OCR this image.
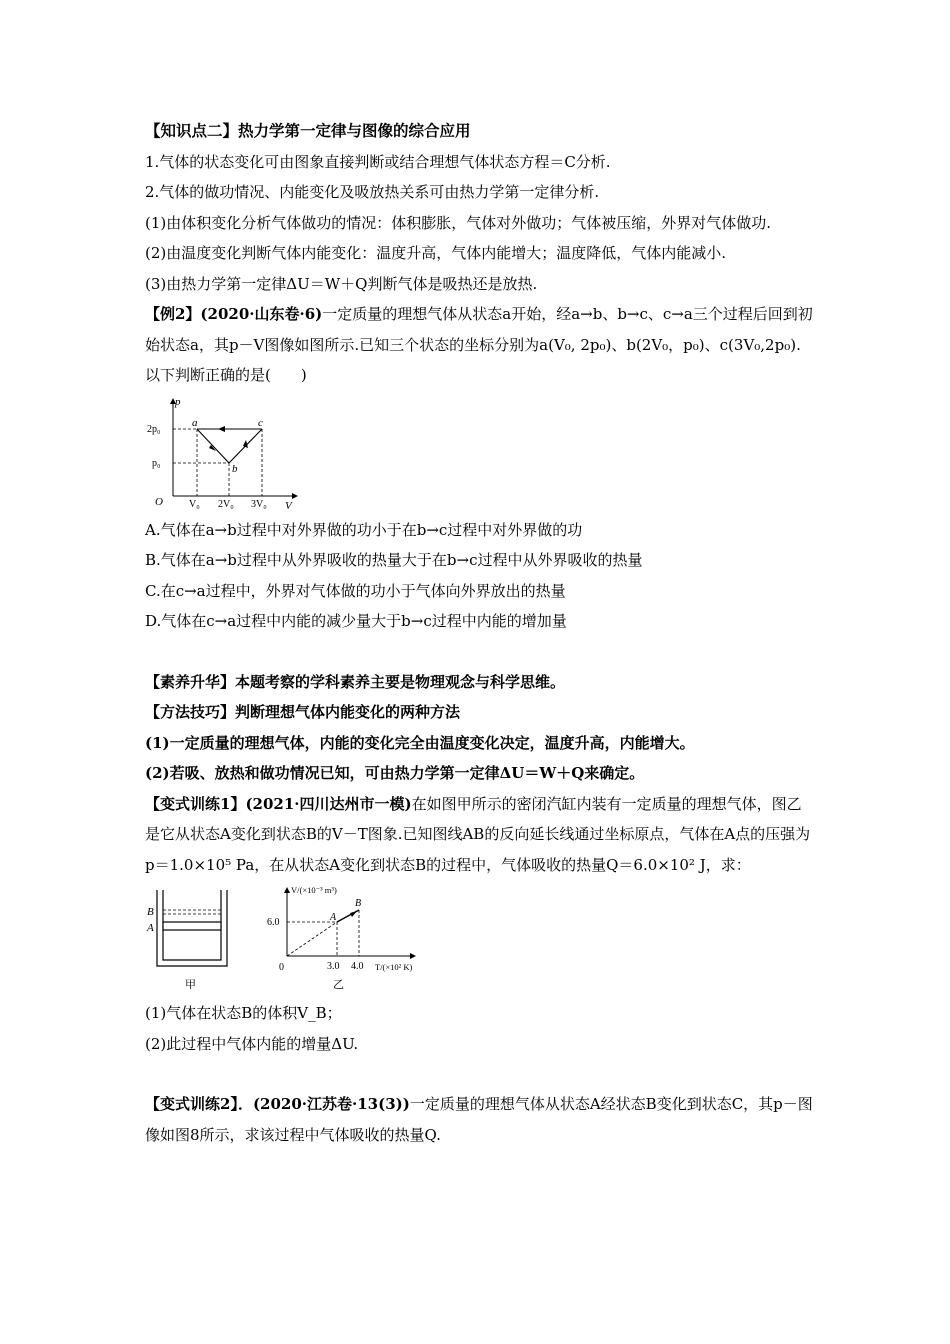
【知识点二】热力学第一定律与图像的综合应用
1.气体的状态变化可由图象直接判断或结合理想气体状态方程＝C分析.
2.气体的做功情况、内能变化及吸放热关系可由热力学第一定律分析.
(1)由体积变化分析气体做功的情况：体积膨胀，气体对外做功；气体被压缩，外界对气体做功.
(2)由温度变化判断气体内能变化：温度升高，气体内能增大；温度降低，气体内能减小.
(3)由热力学第一定律ΔU＝W＋Q判断气体是吸热还是放热.
【例2】(2020·山东卷·6)一定质量的理想气体从状态a开始，经a→b、b→c、c→a三个过程后回到初始状态a，其p－V图像如图所示.已知三个状态的坐标分别为a(V₀, 2p₀)、b(2V₀，p₀)、c(3V₀,2p₀).以下判断正确的是(　　)
p
V
O
2p₀
p₀
V₀ 2V₀ 3V₀
a
b
c
A.气体在a→b过程中对外界做的功小于在b→c过程中对外界做的功
B.气体在a→b过程中从外界吸收的热量大于在b→c过程中从外界吸收的热量
C.在c→a过程中，外界对气体做的功小于气体向外界放出的热量
D.气体在c→a过程中内能的减少量大于b→c过程中内能的增加量
【素养升华】本题考察的学科素养主要是物理观念与科学思维。
【方法技巧】判断理想气体内能变化的两种方法
(1)一定质量的理想气体，内能的变化完全由温度变化决定，温度升高，内能增大。
(2)若吸、放热和做功情况已知，可由热力学第一定律ΔU＝W＋Q来确定。
【变式训练1】(2021·四川达州市一模)在如图甲所示的密闭汽缸内装有一定质量的理想气体，图乙是它从状态A变化到状态B的V－T图象.已知图线AB的反向延长线通过坐标原点，气体在A点的压强为p＝1.0×10⁵ Pa，在从状态A变化到状态B的过程中，气体吸收的热量Q＝6.0×10² J，求：
B
A
甲
V/(×10⁻³ m³)
T/(×10² K)
0
6.0
3.0 4.0
A
B
乙
(1)气体在状态B的体积V_B；
(2)此过程中气体内能的增量ΔU.
【变式训练2】．(2020·江苏卷·13(3))一定质量的理想气体从状态A经状态B变化到状态C，其p－图像如图8所示，求该过程中气体吸收的热量Q.
